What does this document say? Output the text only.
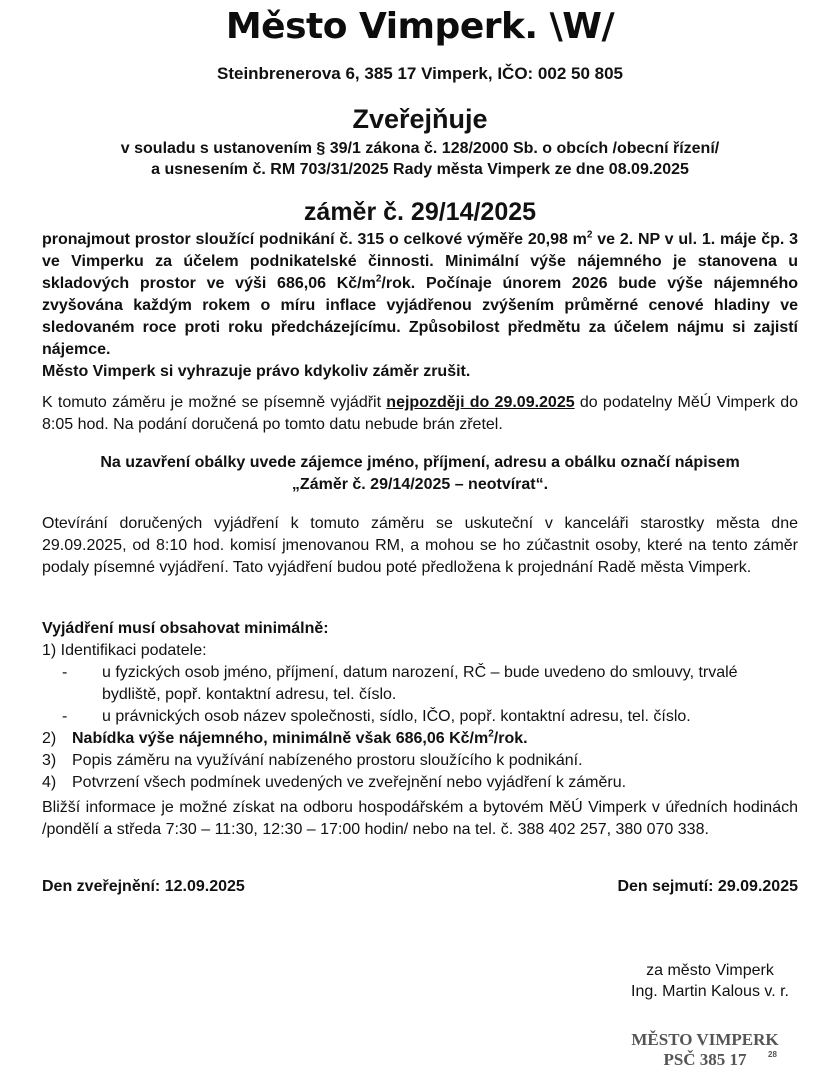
Město Vimperk. \W/
Steinbrenerova 6, 385 17 Vimperk, IČO: 002 50 805
Zveřejňuje
v souladu s ustanovením § 39/1 zákona č. 128/2000 Sb. o obcích /obecní řízení/
a usnesením č. RM 703/31/2025 Rady města Vimperk ze dne 08.09.2025
záměr č. 29/14/2025
pronajmout prostor sloužící podnikání č. 315 o celkové výměře 20,98 $m^2$ ve 2. NP v ul. 1. máje čp. 3 ve Vimperku za účelem podnikatelské činnosti. Minimální výše nájemného je stanovena u skladových prostor ve výši 686,06 $Kč/m^2$/rok. Počínaje únorem 2026 bude výše nájemného zvyšována každým rokem o míru inflace vyjádřenou zvýšením průměrné cenové hladiny ve sledovaném roce proti roku předcházejícímu. Způsobilost předmětu za účelem nájmu si zajistí nájemce.
Město Vimperk si vyhrazuje právo kdykoliv záměr zrušit.
K tomuto záměru je možné se písemně vyjádřit nejpozději do 29.09.2025 do podatelny MěÚ Vimperk do 8:05 hod. Na podání doručená po tomto datu nebude brán zřetel.
Na uzavření obálky uvede zájemce jméno, příjmení, adresu a obálku označí nápisem
„Záměr č. 29/14/2025 – neotvírat“.
Otevírání doručených vyjádření k tomuto záměru se uskuteční v kanceláři starostky města dne 29.09.2025, od 8:10 hod. komisí jmenovanou RM, a mohou se ho zúčastnit osoby, které na tento záměr podaly písemné vyjádření. Tato vyjádření budou poté předložena k projednání Radě města Vimperk.
Vyjádření musí obsahovat minimálně:
1) Identifikaci podatele:
- u fyzických osob jméno, příjmení, datum narození, RČ – bude uvedeno do smlouvy, trvalé bydliště, popř. kontaktní adresu, tel. číslo.
- u právnických osob název společnosti, sídlo, IČO, popř. kontaktní adresu, tel. číslo.
2) Nabídka výše nájemného, minimálně však 686,06 $Kč/m^2$/rok.
3) Popis záměru na využívání nabízeného prostoru sloužícího k podnikání.
4) Potvrzení všech podmínek uvedených ve zveřejnění nebo vyjádření k záměru.
Bližší informace je možné získat na odboru hospodářském a bytovém MěÚ Vimperk v úředních hodinách /pondělí a středa 7:30 – 11:30, 12:30 – 17:00 hodin/ nebo na tel. č. 388 402 257, 380 070 338.
Den zveřejnění: 12.09.2025	Den sejmutí: 29.09.2025
za město Vimperk
Ing. Martin Kalous v. r.
MĚSTO VIMPERK
PSČ 385 17	28
